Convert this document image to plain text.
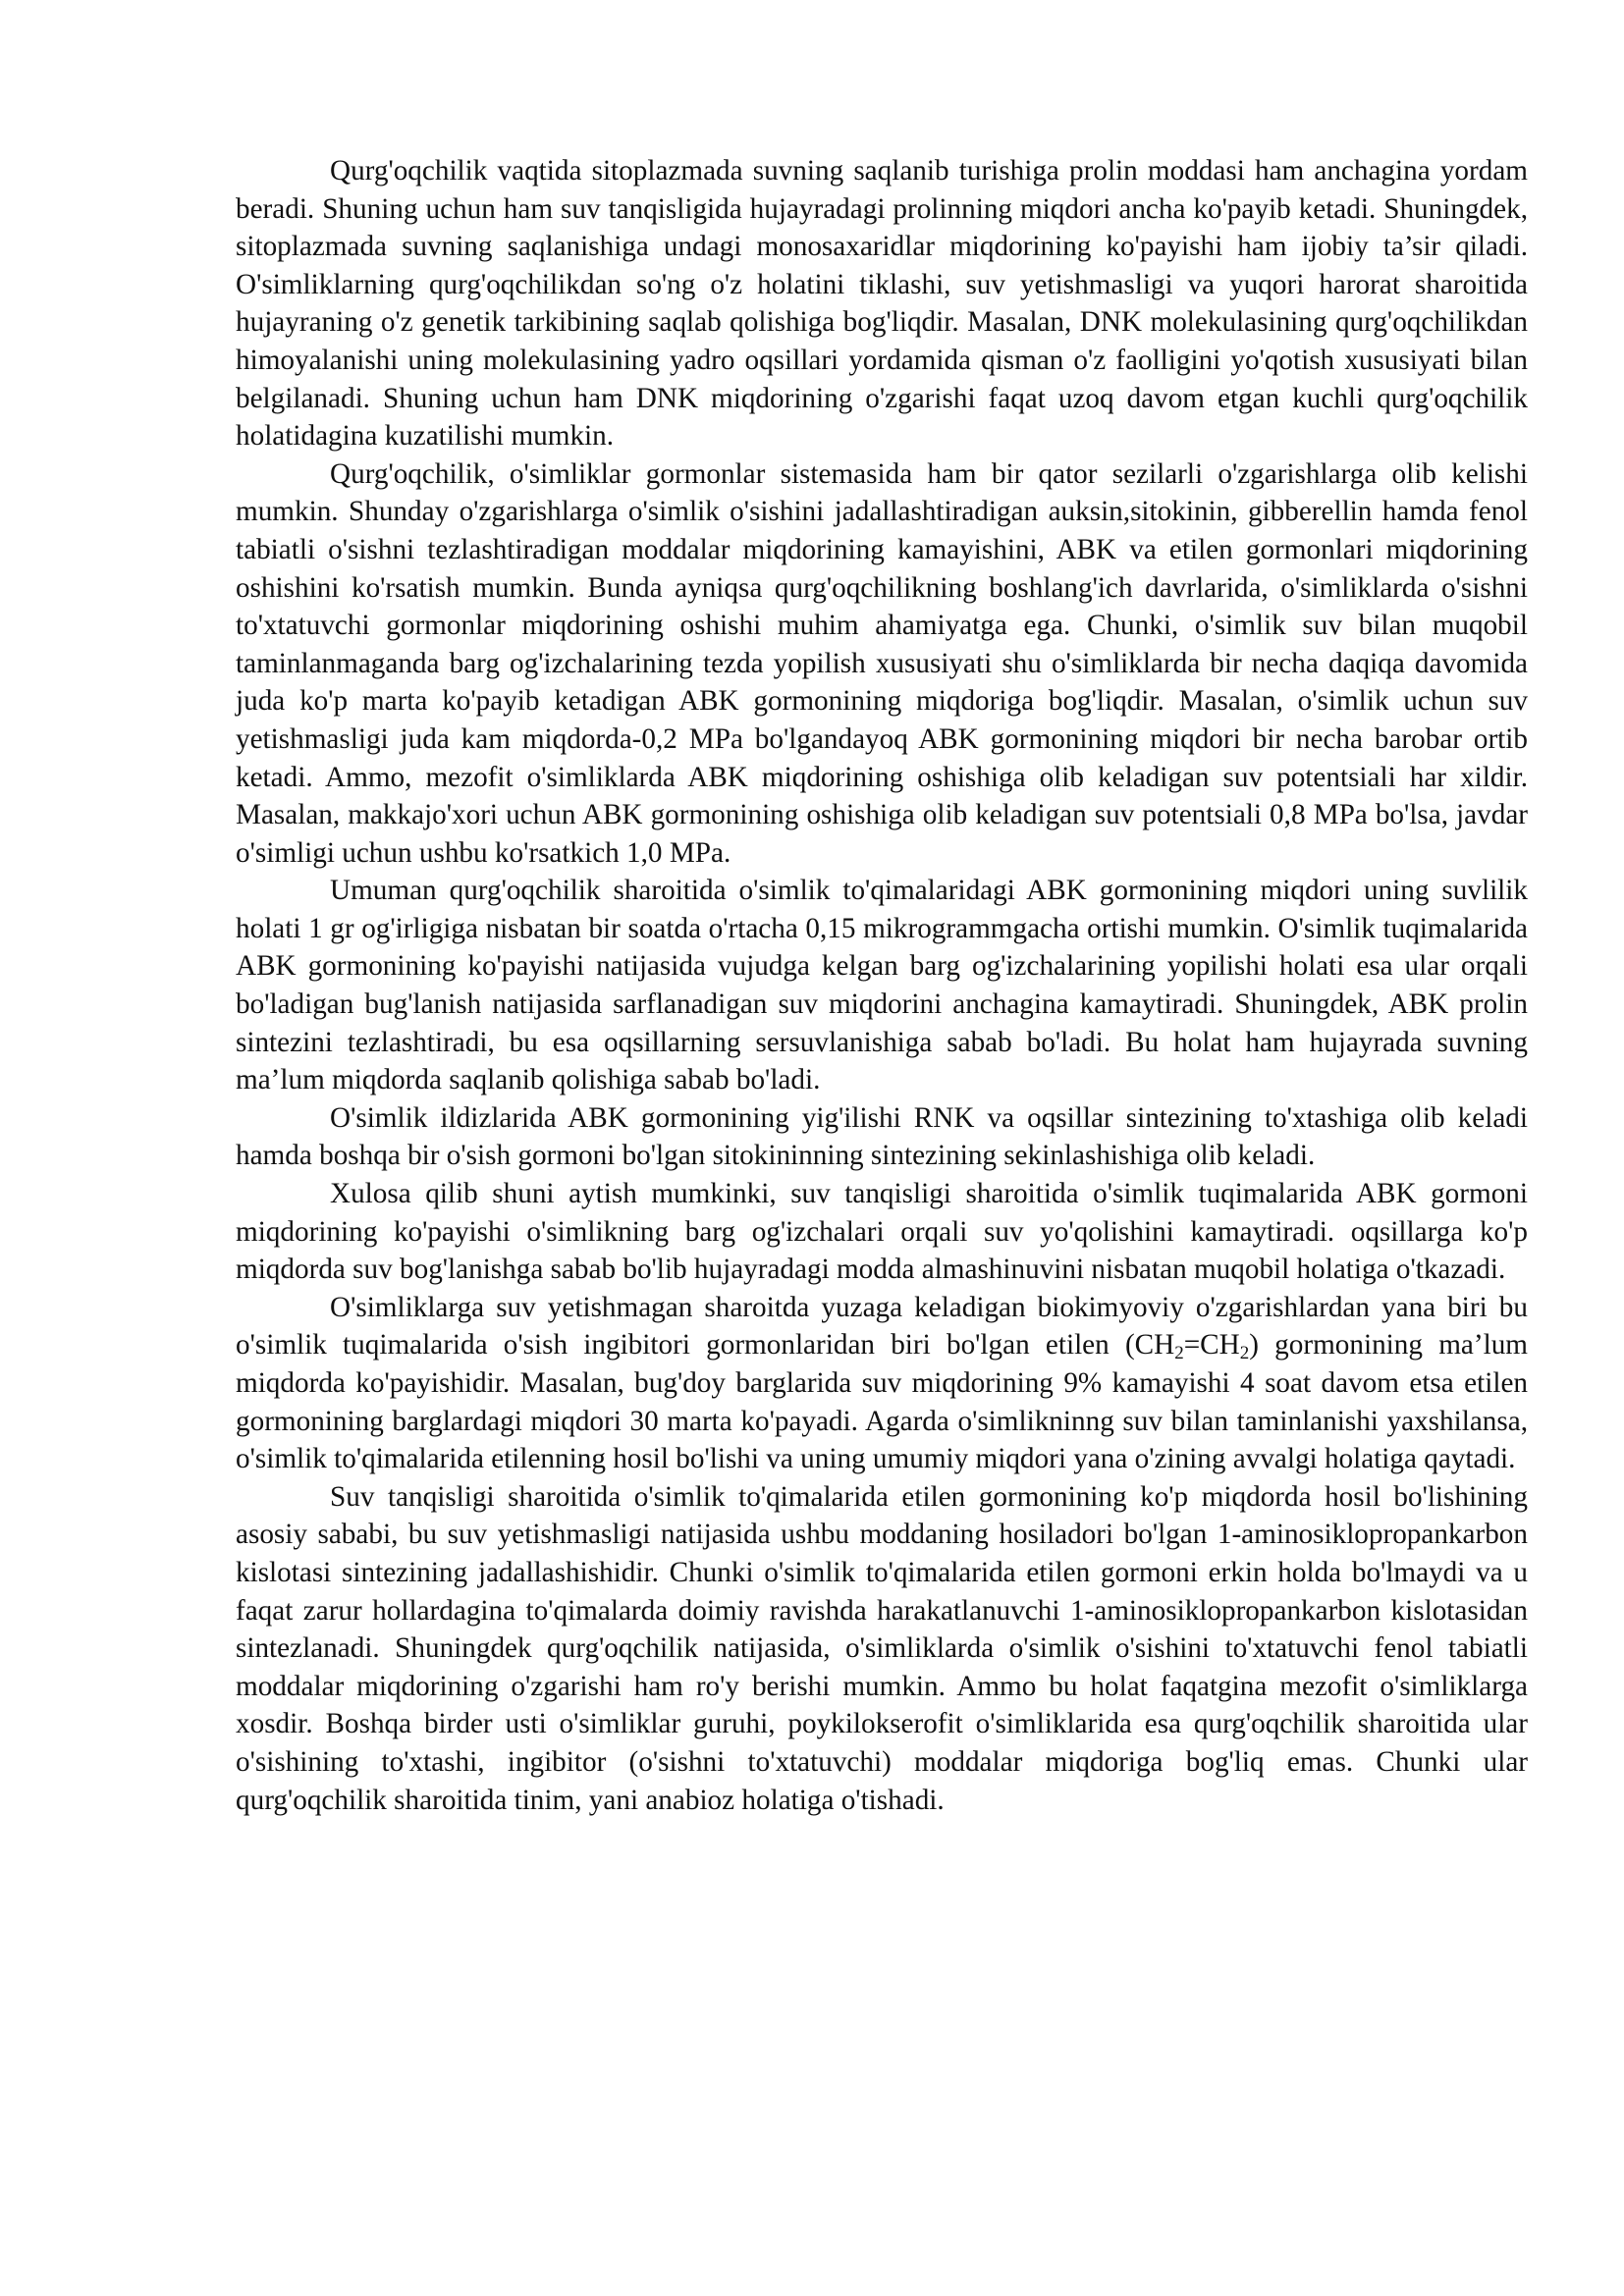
Qurg'oqchilik vaqtida sitoplazmada suvning saqlanib turishiga prolin moddasi ham anchagina yordam beradi. Shuning uchun ham suv tanqisligida hujayradagi prolinning miqdori ancha ko'payib ketadi. Shuningdek, sitoplazmada suvning saqlanishiga undagi monosaxaridlar miqdorining ko'payishi ham ijobiy ta’sir qiladi. O'simliklarning qurg'oqchilikdan so'ng o'z holatini tiklashi, suv yetishmasligi va yuqori harorat sharoitida hujayraning o'z genetik tarkibining saqlab qolishiga bog'liqdir. Masalan, DNK molekulasining qurg'oqchilikdan himoyalanishi uning molekulasining yadro oqsillari yordamida qisman o'z faolligini yo'qotish xususiyati bilan belgilanadi. Shuning uchun ham DNK miqdorining o'zgarishi faqat uzoq davom etgan kuchli qurg'oqchilik holatidagina kuzatilishi mumkin.

Qurg'oqchilik, o'simliklar gormonlar sistemasida ham bir qator sezilarli o'zgarishlarga olib kelishi mumkin. Shunday o'zgarishlarga o'simlik o'sishini jadallashtiradigan auksin,sitokinin, gibberellin hamda fenol tabiatli o'sishni tezlashtiradigan moddalar miqdorining kamayishini, ABK va etilen gormonlari miqdorining oshishini ko'rsatish mumkin. Bunda ayniqsa qurg'oqchilikning boshlang'ich davrlarida, o'simliklarda o'sishni to'xtatuvchi gormonlar miqdorining oshishi muhim ahamiyatga ega. Chunki, o'simlik suv bilan muqobil taminlanmaganda barg og'izchalarining tezda yopilish xususiyati shu o'simliklarda bir necha daqiqa davomida juda ko'p marta ko'payib ketadigan ABK gormonining miqdoriga bog'liqdir. Masalan, o'simlik uchun suv yetishmasligi juda kam miqdorda-0,2 MPa bo'lgandayoq ABK gormonining miqdori bir necha barobar ortib ketadi. Ammo, mezofit o'simliklarda ABK miqdorining oshishiga olib keladigan suv potentsiali har xildir. Masalan, makkajo'xori uchun ABK gormonining oshishiga olib keladigan suv potentsiali 0,8 MPa bo'lsa, javdar o'simligi uchun ushbu ko'rsatkich 1,0 MPa.

Umuman qurg'oqchilik sharoitida o'simlik to'qimalaridagi ABK gormonining miqdori uning suvlilik holati 1 gr og'irligiga nisbatan bir soatda o'rtacha 0,15 mikrogrammgacha ortishi mumkin. O'simlik tuqimalarida ABK gormonining ko'payishi natijasida vujudga kelgan barg og'izchalarining yopilishi holati esa ular orqali bo'ladigan bug'lanish natijasida sarflanadigan suv miqdorini anchagina kamaytiradi. Shuningdek, ABK prolin sintezini tezlashtiradi, bu esa oqsillarning sersuvlanishiga sabab bo'ladi. Bu holat ham hujayrada suvning ma’lum miqdorda saqlanib qolishiga sabab bo'ladi.

O'simlik ildizlarida ABK gormonining yig'ilishi RNK va oqsillar sintezining to'xtashiga olib keladi hamda boshqa bir o'sish gormoni bo'lgan sitokininning sintezining sekinlashishiga olib keladi.

Xulosa qilib shuni aytish mumkinki, suv tanqisligi sharoitida o'simlik tuqimalarida ABK gormoni miqdorining ko'payishi o'simlikning barg og'izchalari orqali suv yo'qolishini kamaytiradi. oqsillarga ko'p miqdorda suv bog'lanishga sabab bo'lib hujayradagi modda almashinuvini nisbatan muqobil holatiga o'tkazadi.

O'simliklarga suv yetishmagan sharoitda yuzaga keladigan biokimyoviy o'zgarishlardan yana biri bu o'simlik tuqimalarida o'sish ingibitori gormonlaridan biri bo'lgan etilen $(CH_2=CH_2)$ gormonining ma’lum miqdorda ko'payishidir. Masalan, bug'doy barglarida suv miqdorining 9% kamayishi 4 soat davom etsa etilen gormonining barglardagi miqdori 30 marta ko'payadi. Agarda o'simlikninng suv bilan taminlanishi yaxshilansa, o'simlik to'qimalarida etilenning hosil bo'lishi va uning umumiy miqdori yana o'zining avvalgi holatiga qaytadi.

Suv tanqisligi sharoitida o'simlik to'qimalarida etilen gormonining ko'p miqdorda hosil bo'lishining asosiy sababi, bu suv yetishmasligi natijasida ushbu moddaning hosiladori bo'lgan 1-aminosiklopropankarbon kislotasi sintezining jadallashishidir. Chunki o'simlik to'qimalarida etilen gormoni erkin holda bo'lmaydi va u faqat zarur hollardagina to'qimalarda doimiy ravishda harakatlanuvchi 1-aminosiklopropankarbon kislotasidan sintezlanadi. Shuningdek qurg'oqchilik natijasida, o'simliklarda o'simlik o'sishini to'xtatuvchi fenol tabiatli moddalar miqdorining o'zgarishi ham ro'y berishi mumkin. Ammo bu holat faqatgina mezofit o'simliklarga xosdir. Boshqa birder usti o'simliklar guruhi, poykilokserofit o'simliklarida esa qurg'oqchilik sharoitida ular o'sishining to'xtashi, ingibitor (o'sishni to'xtatuvchi) moddalar miqdoriga bog'liq emas. Chunki ular qurg'oqchilik sharoitida tinim, yani anabioz holatiga o'tishadi.
